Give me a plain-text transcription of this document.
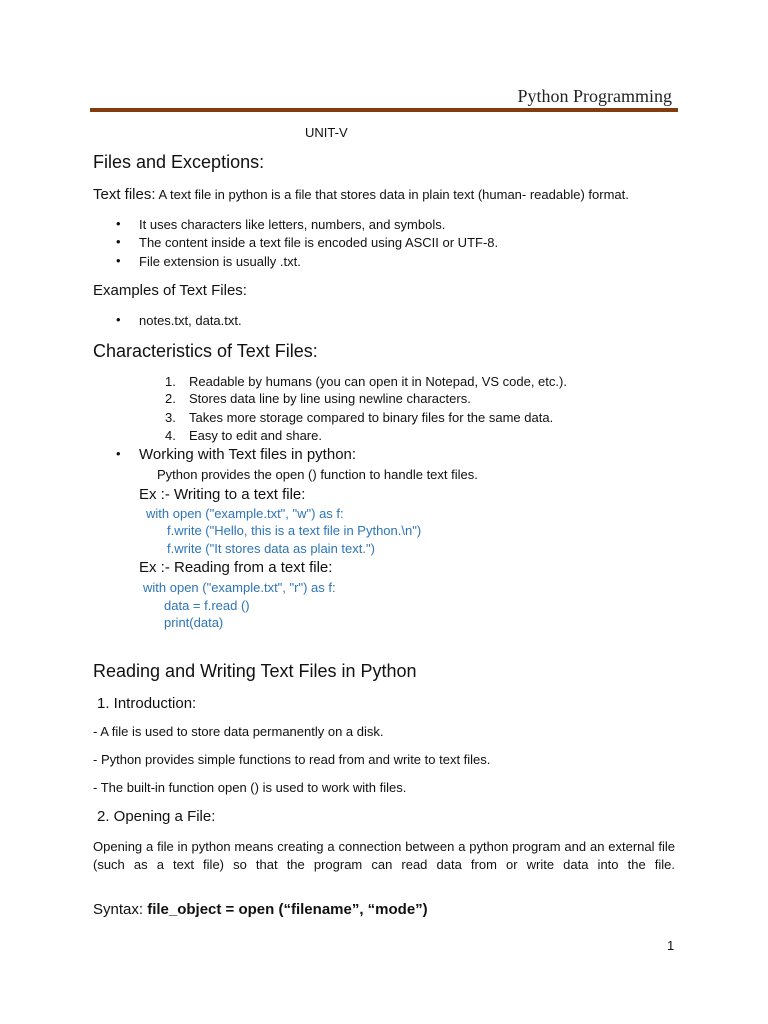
Python Programming
UNIT-V
Files and Exceptions:
Text files: A text file in python is a file that stores data in plain text (human- readable) format.
• It uses characters like letters, numbers, and symbols.
• The content inside a text file is encoded using ASCII or UTF-8.
• File extension is usually .txt.
Examples of Text Files:
• notes.txt, data.txt.
Characteristics of Text Files:
1. Readable by humans (you can open it in Notepad, VS code, etc.).
2. Stores data line by line using newline characters.
3. Takes more storage compared to binary files for the same data.
4. Easy to edit and share.
• Working with Text files in python:
Python provides the open () function to handle text files.
Ex :- Writing to a text file:
with open ("example.txt", "w") as f:
f.write ("Hello, this is a text file in Python.\n")
f.write ("It stores data as plain text.")
Ex :- Reading from a text file:
with open ("example.txt", "r") as f:
data = f.read ()
print(data)
Reading and Writing Text Files in Python
1. Introduction:
- A file is used to store data permanently on a disk.
- Python provides simple functions to read from and write to text files.
- The built-in function open () is used to work with files.
2. Opening a File:
Opening a file in python means creating a connection between a python program and an external file (such as a text file) so that the program can read data from or write data into the file.
Syntax: file_object = open (“filename”, “mode”)
1
